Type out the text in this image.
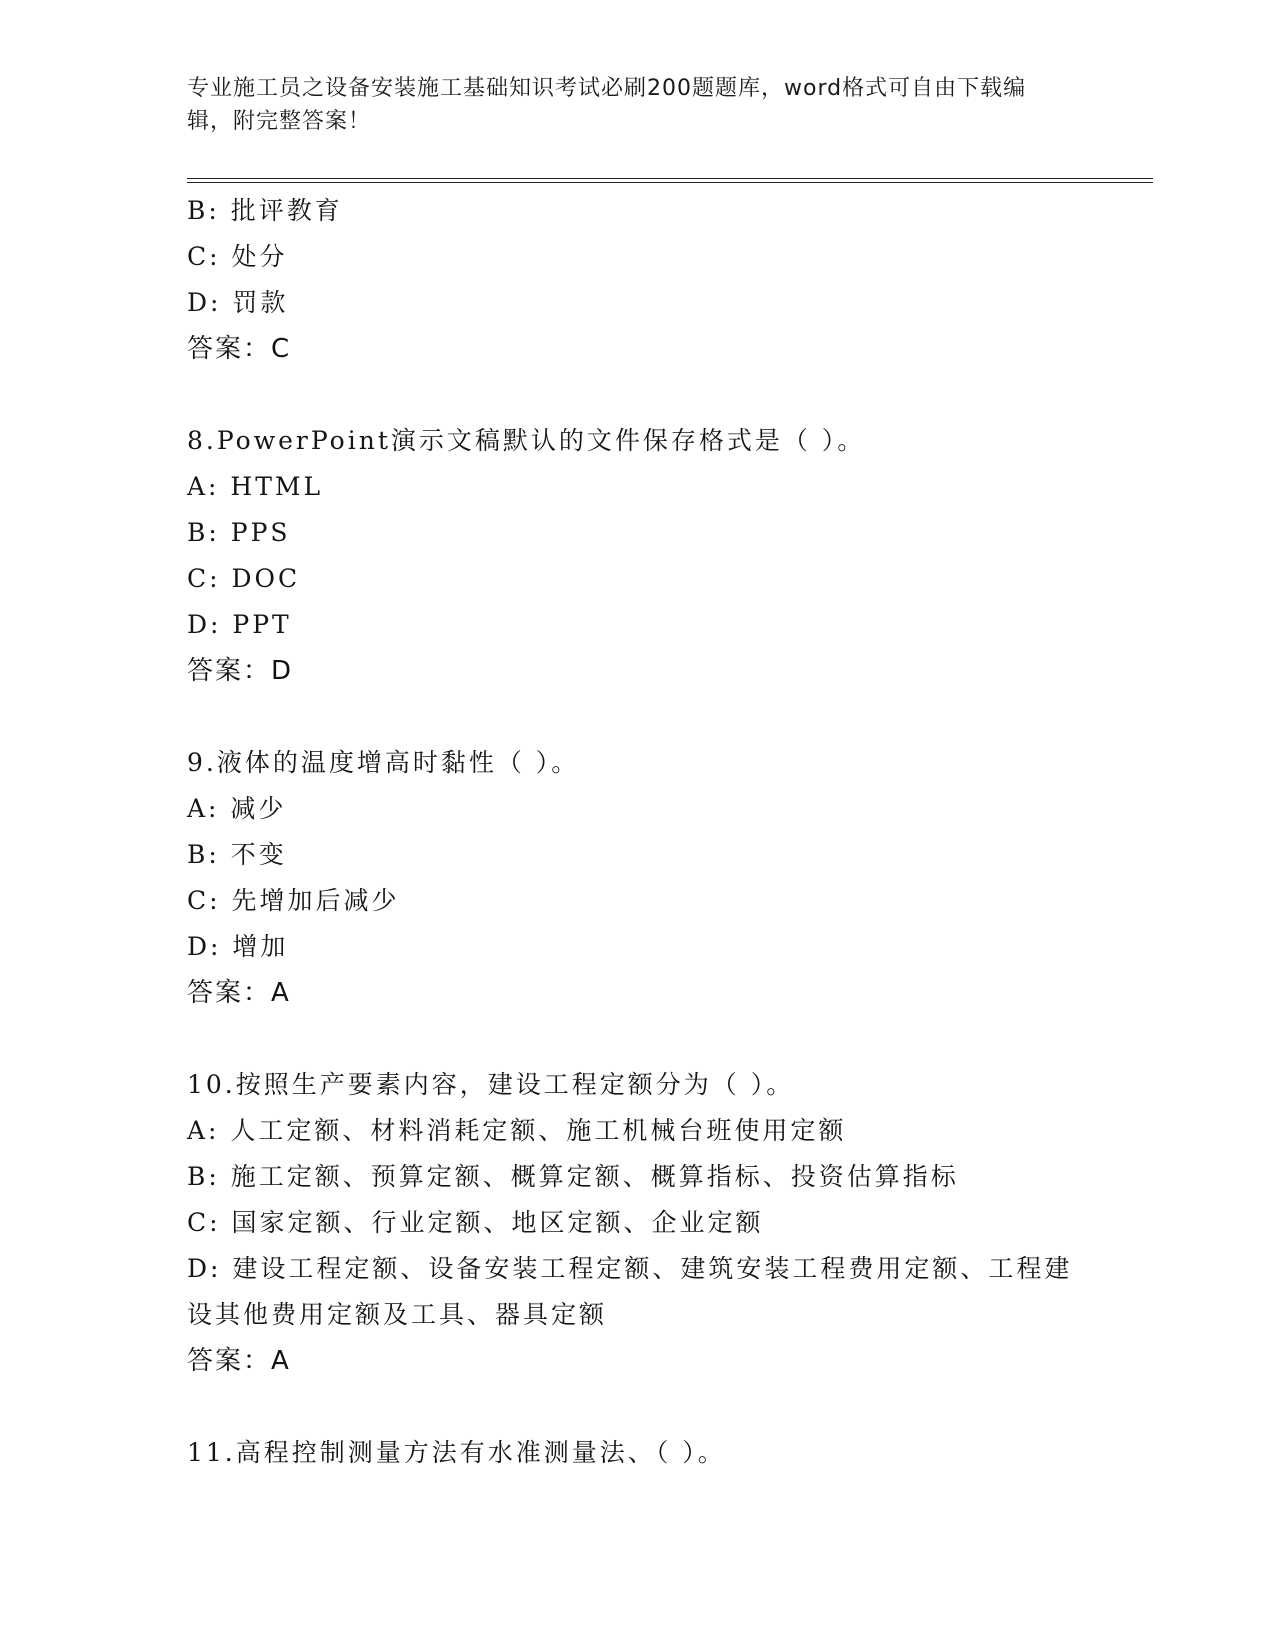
专业施工员之设备安装施工基础知识考试必刷200题题库，word格式可自由下载编辑，附完整答案！
B: 批评教育
C: 处分
D: 罚款
答案：C
8.PowerPoint演示文稿默认的文件保存格式是（ ）。
A: HTML
B: PPS
C: DOC
D: PPT
答案：D
9.液体的温度增高时黏性（ ）。
A: 减少
B: 不变
C: 先增加后减少
D: 增加
答案：A
10.按照生产要素内容，建设工程定额分为（ ）。
A: 人工定额、材料消耗定额、施工机械台班使用定额
B: 施工定额、预算定额、概算定额、概算指标、投资估算指标
C: 国家定额、行业定额、地区定额、企业定额
D: 建设工程定额、设备安装工程定额、建筑安装工程费用定额、工程建设其他费用定额及工具、器具定额
答案：A
11.高程控制测量方法有水准测量法、（ ）。
